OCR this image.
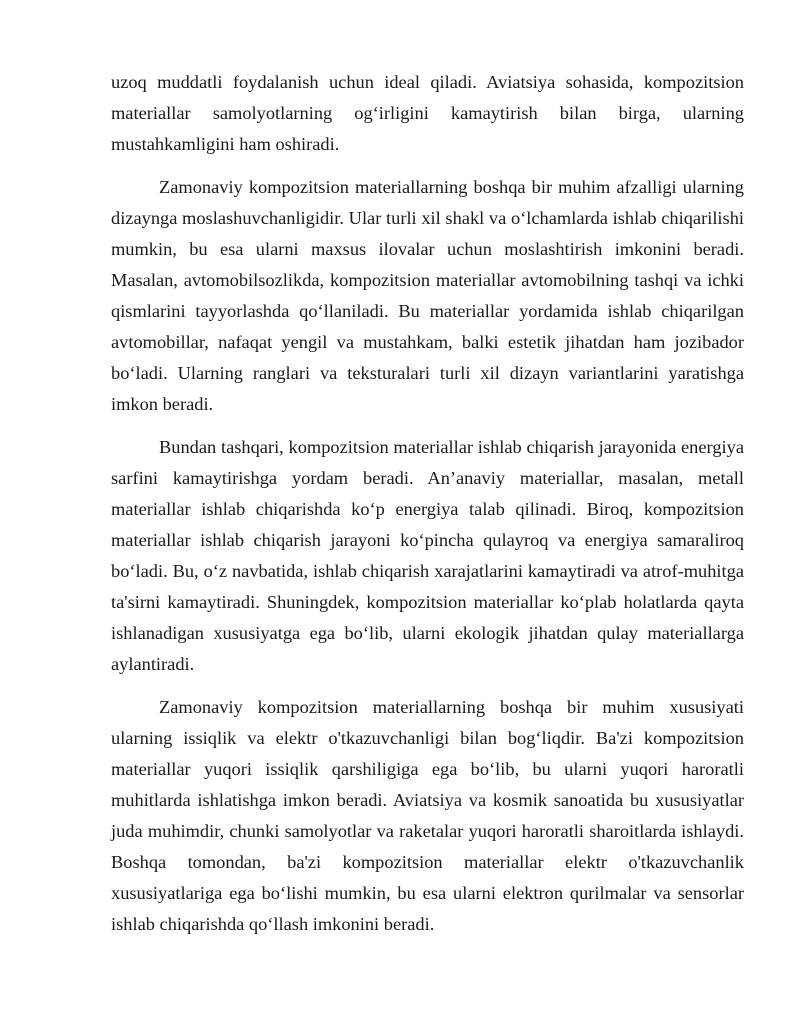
uzoq muddatli foydalanish uchun ideal qiladi. Aviatsiya sohasida, kompozitsion materiallar samolyotlarning og‘irligini kamaytirish bilan birga, ularning mustahkamligini ham oshiradi.

Zamonaviy kompozitsion materiallarning boshqa bir muhim afzalligi ularning dizaynga moslashuvchanligidir. Ular turli xil shakl va o‘lchamlarda ishlab chiqarilishi mumkin, bu esa ularni maxsus ilovalar uchun moslashtirish imkonini beradi. Masalan, avtomobilsozlikda, kompozitsion materiallar avtomobilning tashqi va ichki qismlarini tayyorlashda qo‘llaniladi. Bu materiallar yordamida ishlab chiqarilgan avtomobillar, nafaqat yengil va mustahkam, balki estetik jihatdan ham jozibador bo‘ladi. Ularning ranglari va teksturalari turli xil dizayn variantlarini yaratishga imkon beradi.

Bundan tashqari, kompozitsion materiallar ishlab chiqarish jarayonida energiya sarfini kamaytirishga yordam beradi. An’anaviy materiallar, masalan, metall materiallar ishlab chiqarishda ko‘p energiya talab qilinadi. Biroq, kompozitsion materiallar ishlab chiqarish jarayoni ko‘pincha qulayroq va energiya samaraliroq bo‘ladi. Bu, o‘z navbatida, ishlab chiqarish xarajatlarini kamaytiradi va atrof-muhitga ta'sirni kamaytiradi. Shuningdek, kompozitsion materiallar ko‘plab holatlarda qayta ishlanadigan xususiyatga ega bo‘lib, ularni ekologik jihatdan qulay materiallarga aylantiradi.

Zamonaviy kompozitsion materiallarning boshqa bir muhim xususiyati ularning issiqlik va elektr o'tkazuvchanligi bilan bog‘liqdir. Ba'zi kompozitsion materiallar yuqori issiqlik qarshiligiga ega bo‘lib, bu ularni yuqori haroratli muhitlarda ishlatishga imkon beradi. Aviatsiya va kosmik sanoatida bu xususiyatlar juda muhimdir, chunki samolyotlar va raketalar yuqori haroratli sharoitlarda ishlaydi. Boshqa tomondan, ba'zi kompozitsion materiallar elektr o'tkazuvchanlik xususiyatlariga ega bo‘lishi mumkin, bu esa ularni elektron qurilmalar va sensorlar ishlab chiqarishda qo‘llash imkonini beradi.
